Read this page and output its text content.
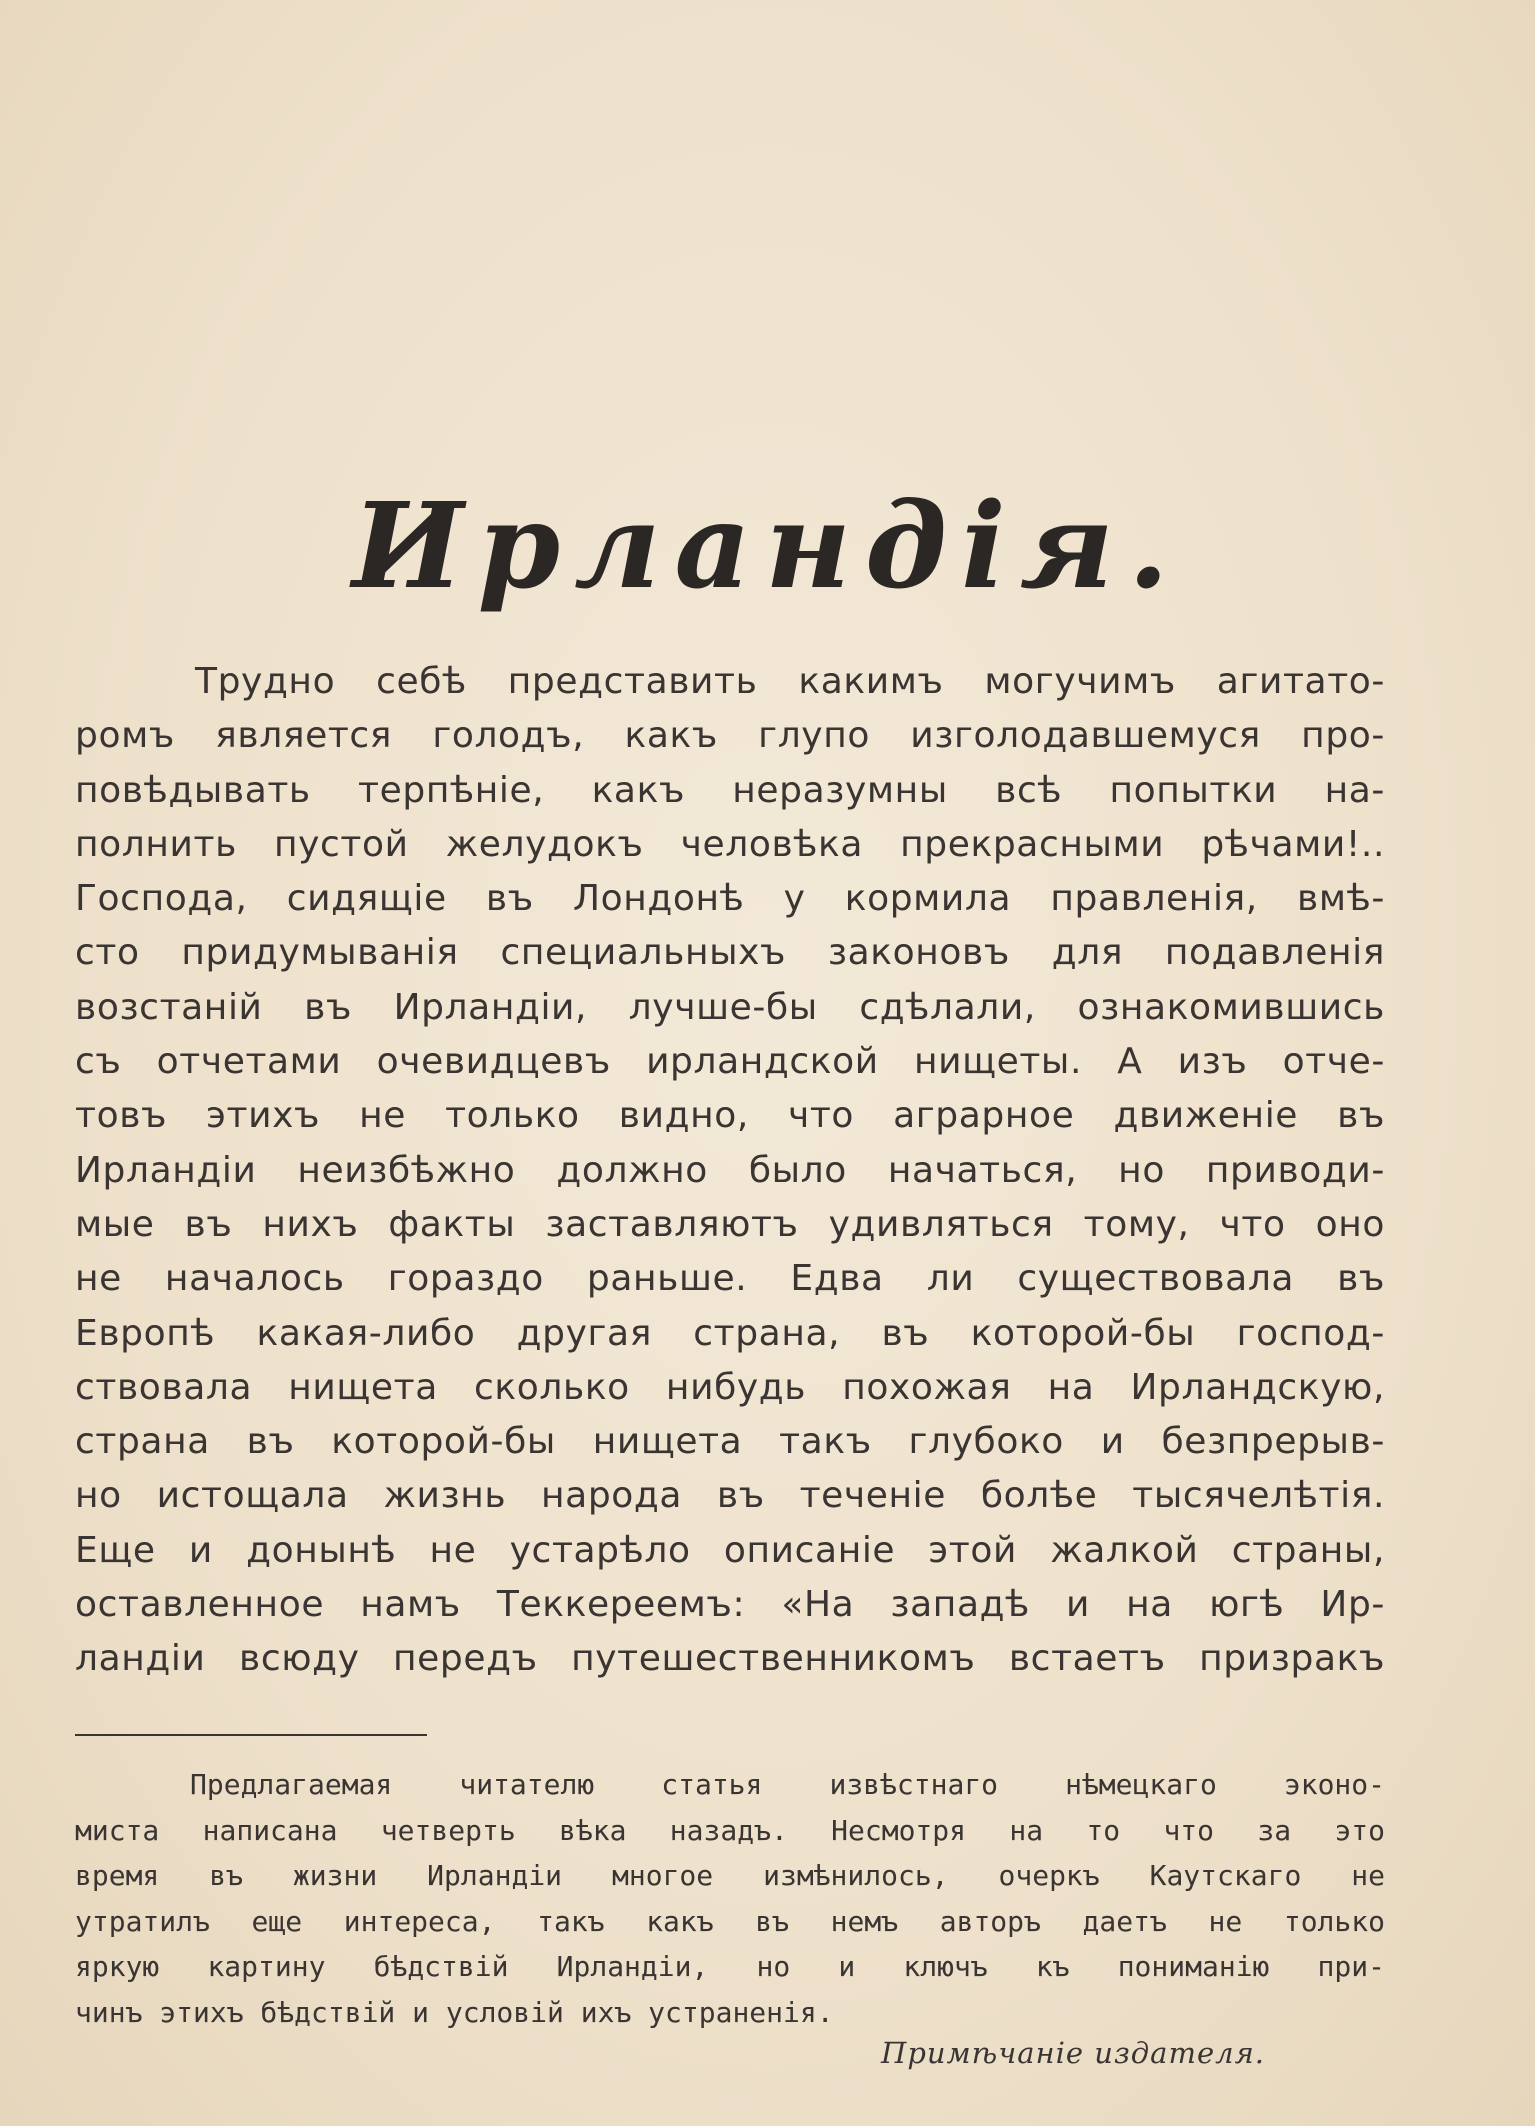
Ирландія.
Трудно себѣ представить какимъ могучимъ агитато-
ромъ является голодъ, какъ глупо изголодавшемуся про-
повѣдывать терпѣніе, какъ неразумны всѣ попытки на-
полнить пустой желудокъ человѣка прекрасными рѣчами!..
Господа, сидящіе въ Лондонѣ у кормила правленія, вмѣ-
сто придумыванія специальныхъ законовъ для подавленія
возстаній въ Ирландіи, лучше-бы сдѣлали, ознакомившись
съ отчетами очевидцевъ ирландской нищеты. А изъ отче-
товъ этихъ не только видно, что аграрное движеніе въ
Ирландіи неизбѣжно должно было начаться, но приводи-
мые въ нихъ факты заставляютъ удивляться тому, что оно
не началось гораздо раньше. Едва ли существовала въ
Европѣ какая-либо другая страна, въ которой-бы господ-
ствовала нищета сколько нибудь похожая на Ирландскую,
страна въ которой-бы нищета такъ глубоко и безпрерыв-
но истощала жизнь народа въ теченіе болѣе тысячелѣтія.
Еще и донынѣ не устарѣло описаніе этой жалкой страны,
оставленное намъ Теккереемъ: «На западѣ и на югѣ Ир-
ландіи всюду передъ путешественникомъ встаетъ призракъ
Предлагаемая читателю статья извѣстнаго нѣмецкаго эконо-
миста написана четверть вѣка назадъ. Несмотря на то что за это
время въ жизни Ирландіи многое измѣнилось, очеркъ Каутскаго не
утратилъ еще интереса, такъ какъ въ немъ авторъ даетъ не только
яркую картину бѣдствій Ирландіи, но и ключъ къ пониманію при-
чинъ этихъ бѣдствій и условій ихъ устраненія.

Примѣчаніе издателя.
